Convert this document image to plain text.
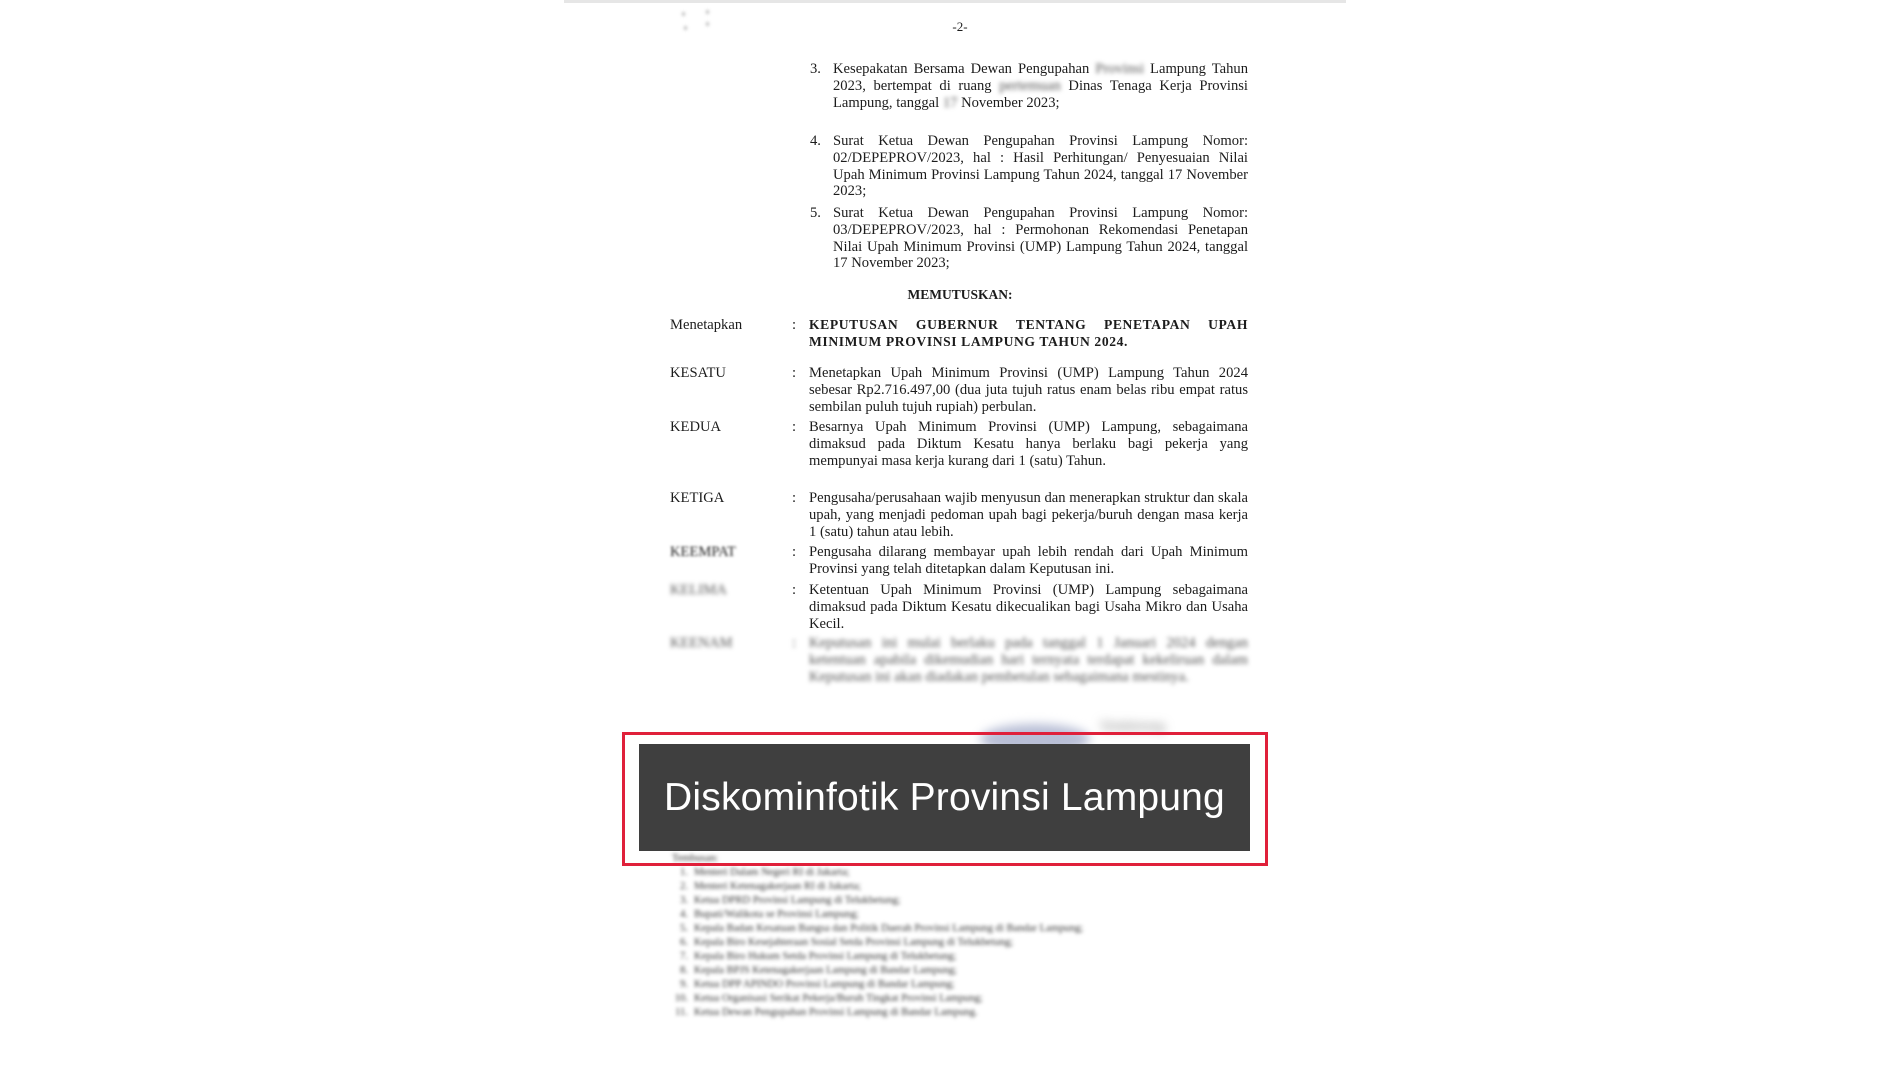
-2-
3. Kesepakatan Bersama Dewan Pengupahan Provinsi Lampung Tahun 2023, bertempat di ruang pertemuan Dinas Tenaga Kerja Provinsi Lampung, tanggal 17 November 2023;
4. Surat Ketua Dewan Pengupahan Provinsi Lampung Nomor: 02/DEPEPROV/2023, hal : Hasil Perhitungan/ Penyesuaian Nilai Upah Minimum Provinsi Lampung Tahun 2024, tanggal 17 November 2023;
5. Surat Ketua Dewan Pengupahan Provinsi Lampung Nomor: 03/DEPEPROV/2023, hal : Permohonan Rekomendasi Penetapan Nilai Upah Minimum Provinsi (UMP) Lampung Tahun 2024, tanggal 17 November 2023;
MEMUTUSKAN:
Menetapkan	: KEPUTUSAN GUBERNUR TENTANG PENETAPAN UPAH MINIMUM PROVINSI LAMPUNG TAHUN 2024.
KESATU	: Menetapkan Upah Minimum Provinsi (UMP) Lampung Tahun 2024 sebesar Rp2.716.497,00 (dua juta tujuh ratus enam belas ribu empat ratus sembilan puluh tujuh rupiah) perbulan.
KEDUA	: Besarnya Upah Minimum Provinsi (UMP) Lampung, sebagaimana dimaksud pada Diktum Kesatu hanya berlaku bagi pekerja yang mempunyai masa kerja kurang dari 1 (satu) Tahun.
KETIGA	: Pengusaha/perusahaan wajib menyusun dan menerapkan struktur dan skala upah, yang menjadi pedoman upah bagi pekerja/buruh dengan masa kerja 1 (satu) tahun atau lebih.
KEEMPAT	: Pengusaha dilarang membayar upah lebih rendah dari Upah Minimum Provinsi yang telah ditetapkan dalam Keputusan ini.
KELIMA	: Ketentuan Upah Minimum Provinsi (UMP) Lampung sebagaimana dimaksud pada Diktum Kesatu dikecualikan bagi Usaha Mikro dan Usaha Kecil.
KEENAM	: Keputusan ini mulai berlaku pada tanggal 1 Januari 2024 dengan ketentuan apabila dikemudian hari ternyata terdapat kekeliruan dalam Keputusan ini akan diadakan pembetulan sebagaimana mestinya.
Telukbetung
Tembusan:
1. Menteri Dalam Negeri RI di Jakarta;
2. Menteri Ketenagakerjaan RI di Jakarta;
3. Ketua DPRD Provinsi Lampung di Telukbetung;
4. Bupati/Walikota se Provinsi Lampung;
5. Kepala Badan Kesatuan Bangsa dan Politik Daerah Provinsi Lampung di Bandar Lampung;
6. Kepala Biro Kesejahteraan Sosial Setda Provinsi Lampung di Telukbetung;
7. Kepala Biro Hukum Setda Provinsi Lampung di Telukbetung;
8. Kepala BPJS Ketenagakerjaan Lampung di Bandar Lampung;
9. Ketua DPP APINDO Provinsi Lampung di Bandar Lampung;
10. Ketua Organisasi Serikat Pekerja/Buruh Tingkat Provinsi Lampung;
11. Ketua Dewan Pengupahan Provinsi Lampung di Bandar Lampung.
Diskominfotik Provinsi Lampung
